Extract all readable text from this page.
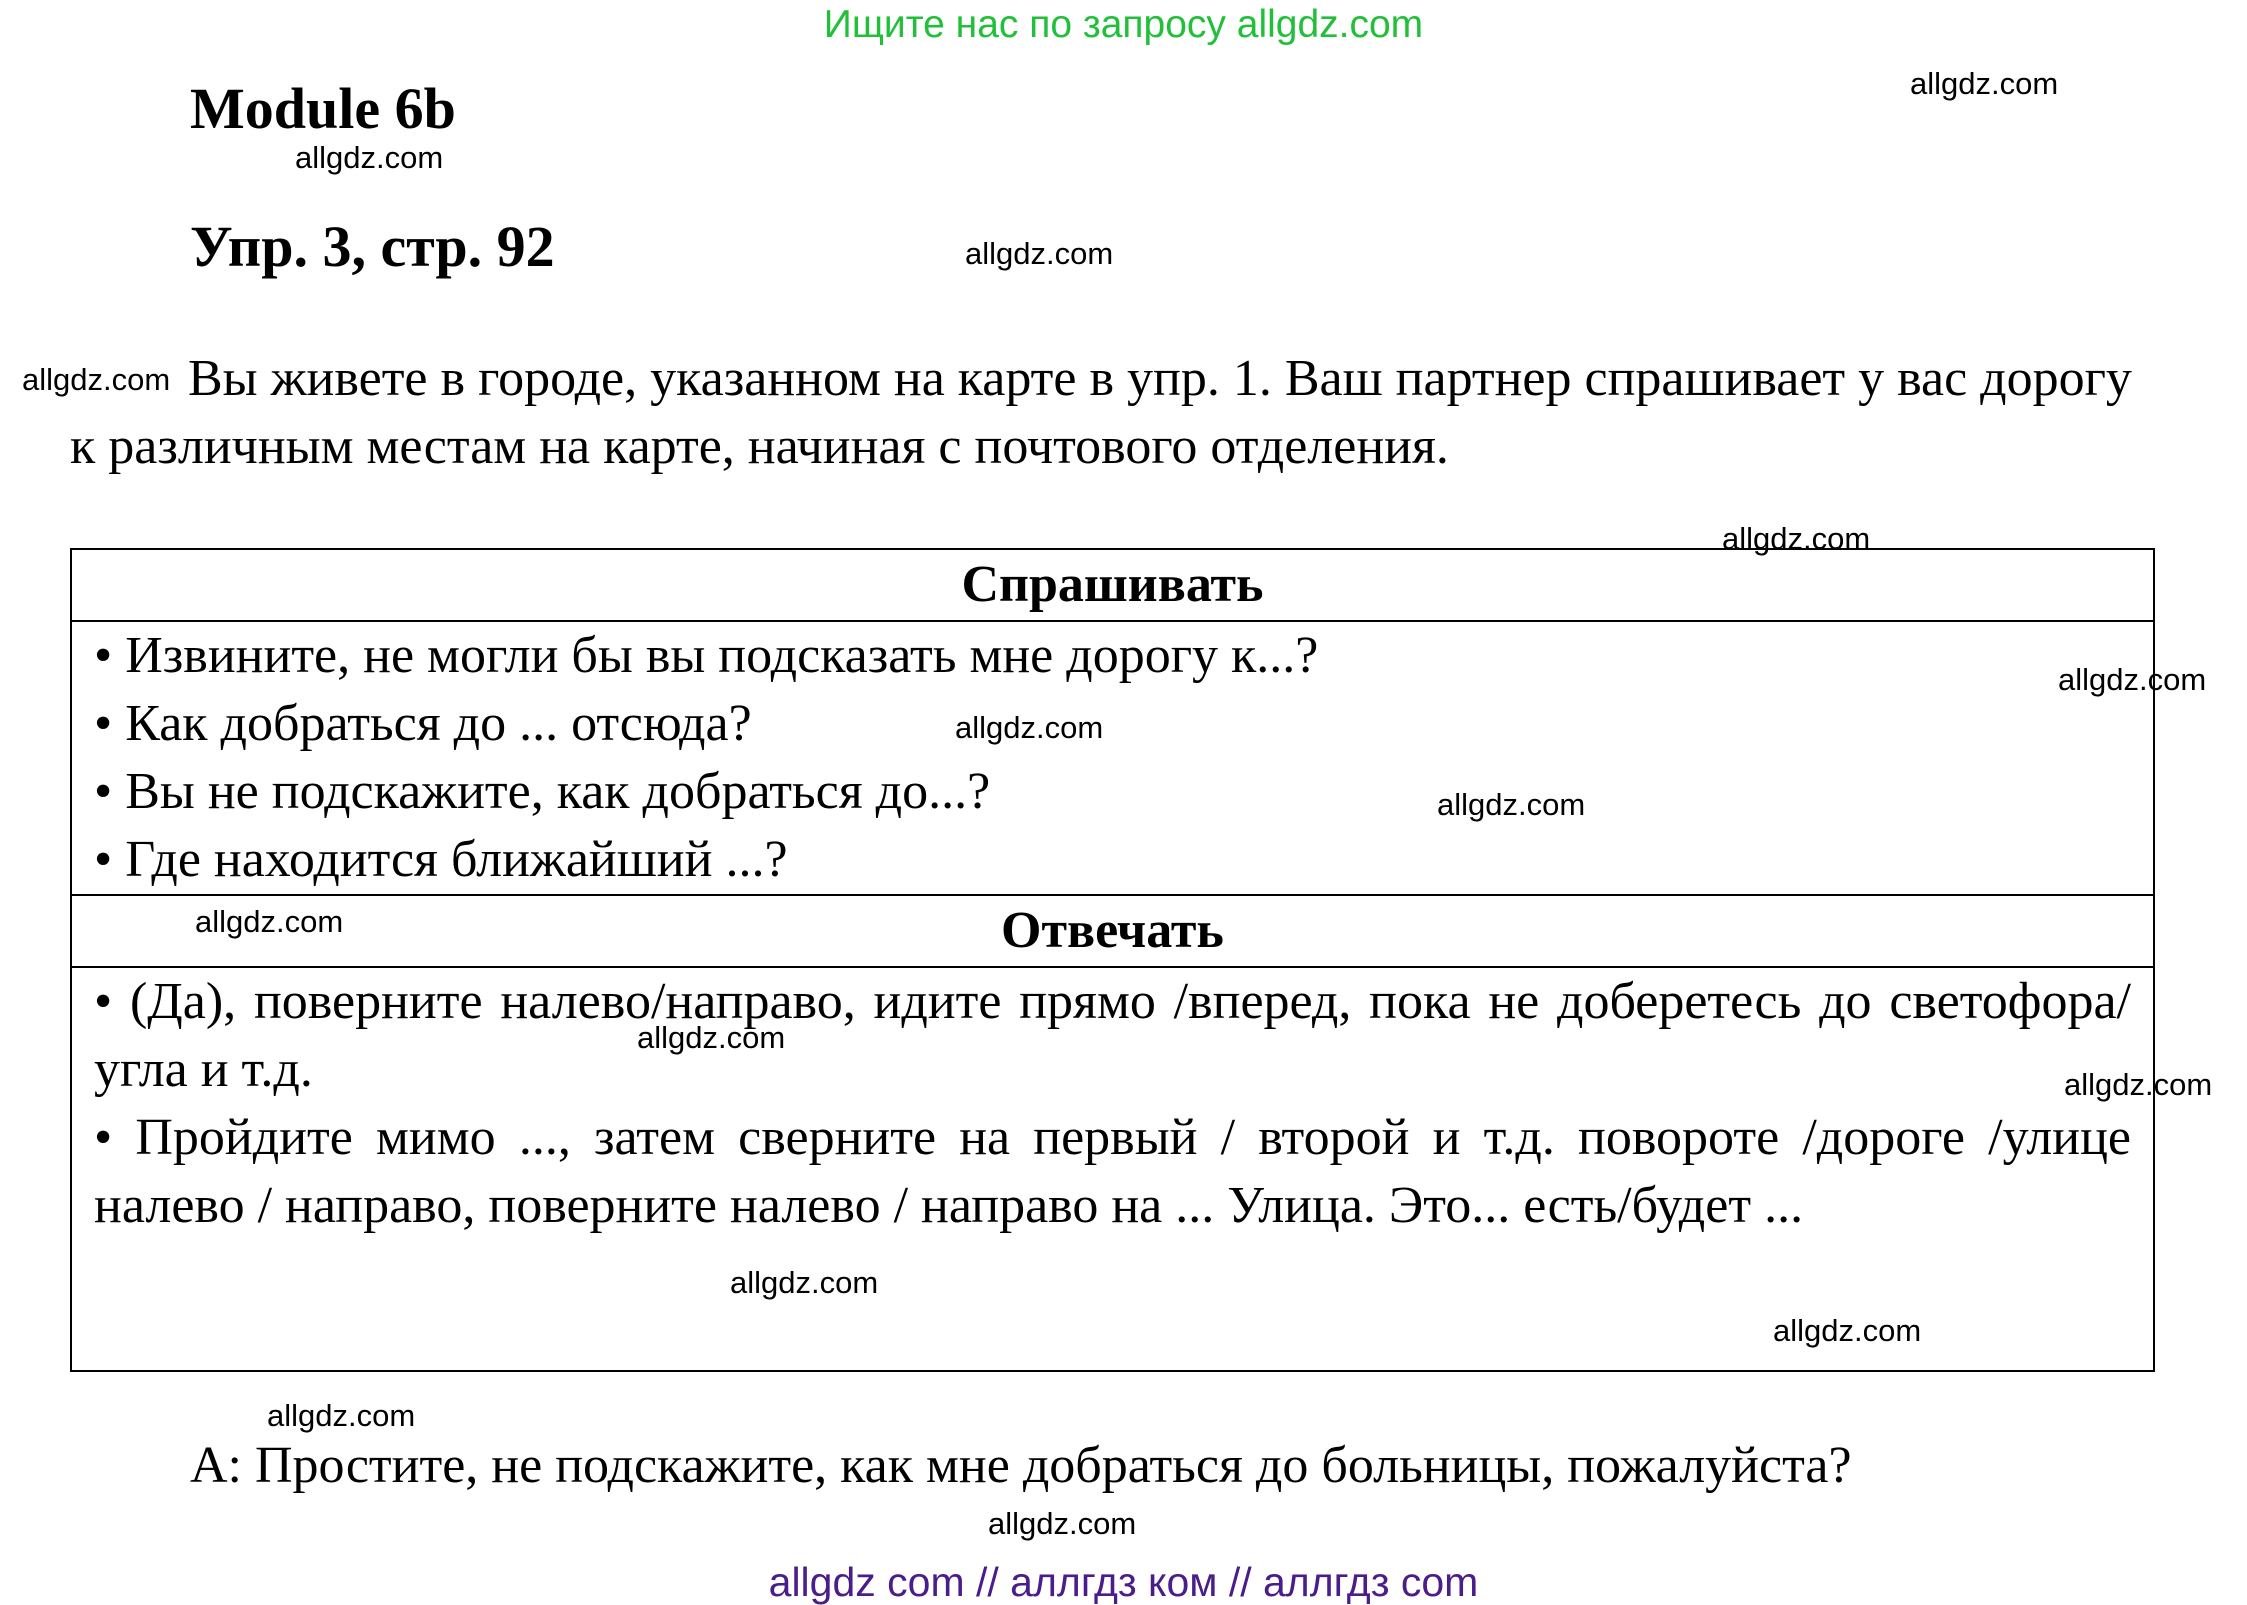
Ищите нас по запросу allgdz.com
Module 6b
Упр. 3, стр. 92
Вы живете в городе, указанном на карте в упр. 1. Ваш партнер спрашивает у вас дорогу к различным местам на карте, начиная с почтового отделения.
Спрашивать

• Извините, не могли бы вы подсказать мне дорогу к...?
• Как добраться до ... отсюда?
• Вы не подскажите, как добраться до...?
• Где находится ближайший ...?

Отвечать

• (Да), поверните налево/направо, идите прямо /вперед, пока не доберетесь до светофора/ угла и т.д.
• Пройдите мимо ..., затем сверните на первый / второй и т.д. повороте /дороге /улице налево / направо, поверните налево / направо на ... Улица. Это... есть/будет ...
А: Простите, не подскажите, как мне добраться до больницы, пожалуйста?
allgdz.com
allgdz.com
allgdz.com
allgdz.com
allgdz.com
allgdz.com
allgdz.com
allgdz.com
allgdz.com
allgdz.com
allgdz.com
allgdz.com
allgdz.com
allgdz.com
allgdz.com
allgdz com // аллгдз ком // аллгдз com
